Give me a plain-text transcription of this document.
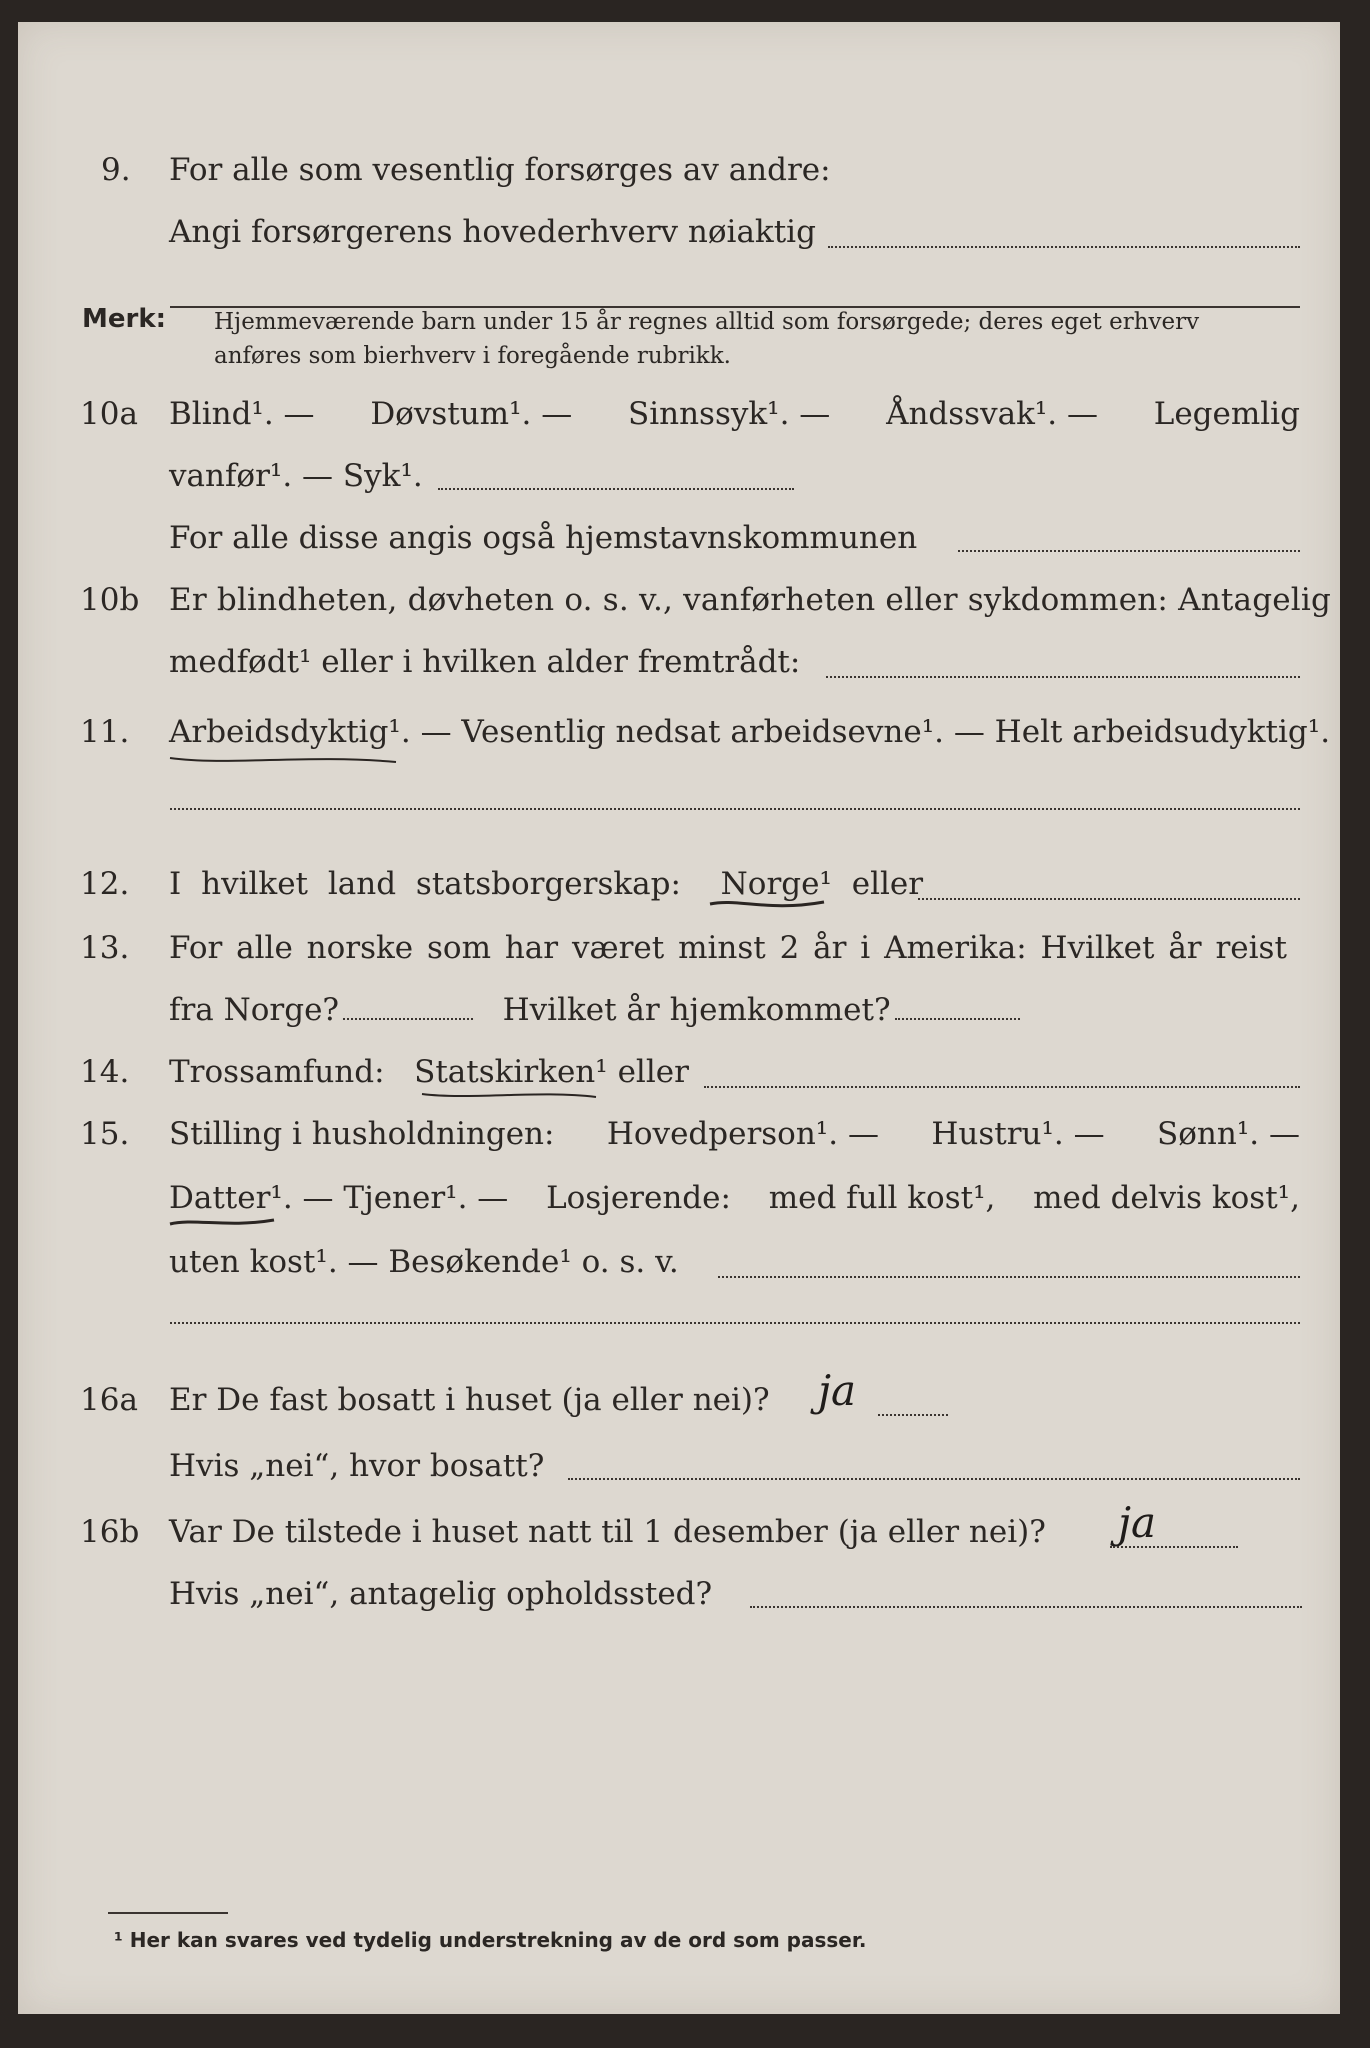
9. For alle som vesentlig forsørges av andre:
Angi forsørgerens hovederhverv nøiaktig
Merk: Hjemmeværende barn under 15 år regnes alltid som forsørgede; deres eget erhverv
anføres som bierhverv i foregående rubrikk.
10a Blind¹. — Døvstum¹. — Sinnssyk¹. — Åndssvak¹. — Legemlig
vanfør¹. — Syk¹.
For alle disse angis også hjemstavnskommunen
10b Er blindheten, døvheten o. s. v., vanførheten eller sykdommen: Antagelig
medfødt¹ eller i hvilken alder fremtrådt:
11. Arbeidsdyktig¹. — Vesentlig nedsat arbeidsevne¹. — Helt arbeidsudyktig¹.
12. I hvilket land statsborgerskap: Norge¹ eller
13. For alle norske som har været minst 2 år i Amerika: Hvilket år reist
fra Norge?	Hvilket år hjemkommet?
14. Trossamfund: Statskirken¹ eller
15. Stilling i husholdningen: Hovedperson¹. — Hustru¹. — Sønn¹. —
Datter¹. — Tjener¹. — Losjerende: med full kost¹, med delvis kost¹,
uten kost¹. — Besøkende¹ o. s. v.
16a Er De fast bosatt i huset (ja eller nei)? ja
Hvis „nei“, hvor bosatt?
16b Var De tilstede i huset natt til 1 desember (ja eller nei)? ja
Hvis „nei“, antagelig opholdssted?
¹ Her kan svares ved tydelig understrekning av de ord som passer.
